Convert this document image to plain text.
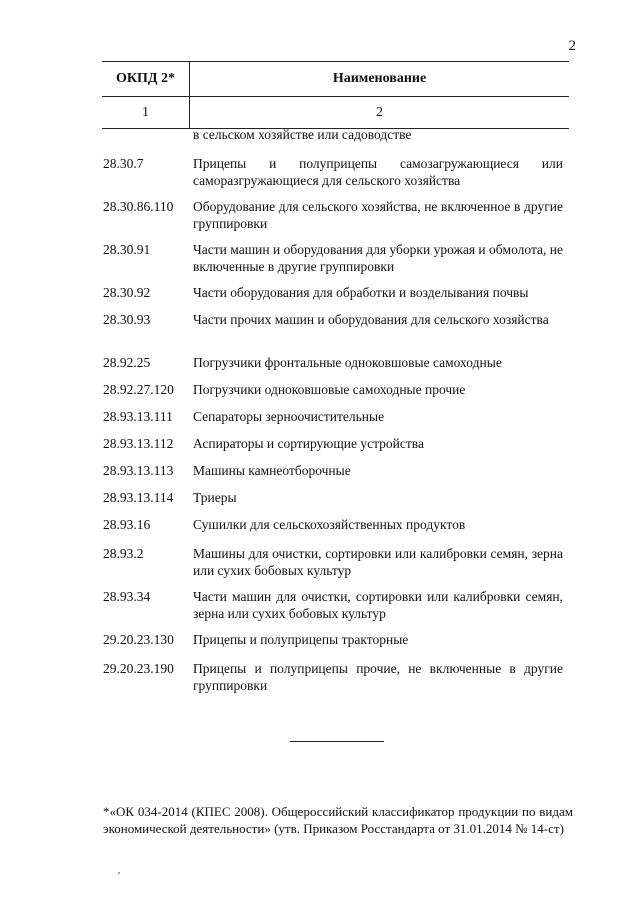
2
ОКПД 2*	Наименование
1	2
в сельском хозяйстве или садоводстве
28.30.7	Прицепы и полуприцепы самозагружающиеся или саморазгружающиеся для сельского хозяйства
28.30.86.110	Оборудование для сельского хозяйства, не включенное в другие группировки
28.30.91	Части машин и оборудования для уборки урожая и обмолота, не включенные в другие группировки
28.30.92	Части оборудования для обработки и возделывания почвы
28.30.93	Части прочих машин и оборудования для сельского хозяйства
28.92.25	Погрузчики фронтальные одноковшовые самоходные
28.92.27.120	Погрузчики одноковшовые самоходные прочие
28.93.13.111	Сепараторы зерноочистительные
28.93.13.112	Аспираторы и сортирующие устройства
28.93.13.113	Машины камнеотборочные
28.93.13.114	Триеры
28.93.16	Сушилки для сельскохозяйственных продуктов
28.93.2	Машины для очистки, сортировки или калибровки семян, зерна или сухих бобовых культур
28.93.34	Части машин для очистки, сортировки или калибровки семян, зерна или сухих бобовых культур
29.20.23.130	Прицепы и полуприцепы тракторные
29.20.23.190	Прицепы и полуприцепы прочие, не включенные в другие группировки
*«ОК 034-2014 (КПЕС 2008). Общероссийский классификатор продукции по видам экономической деятельности» (утв. Приказом Росстандарта от 31.01.2014 № 14-ст)
